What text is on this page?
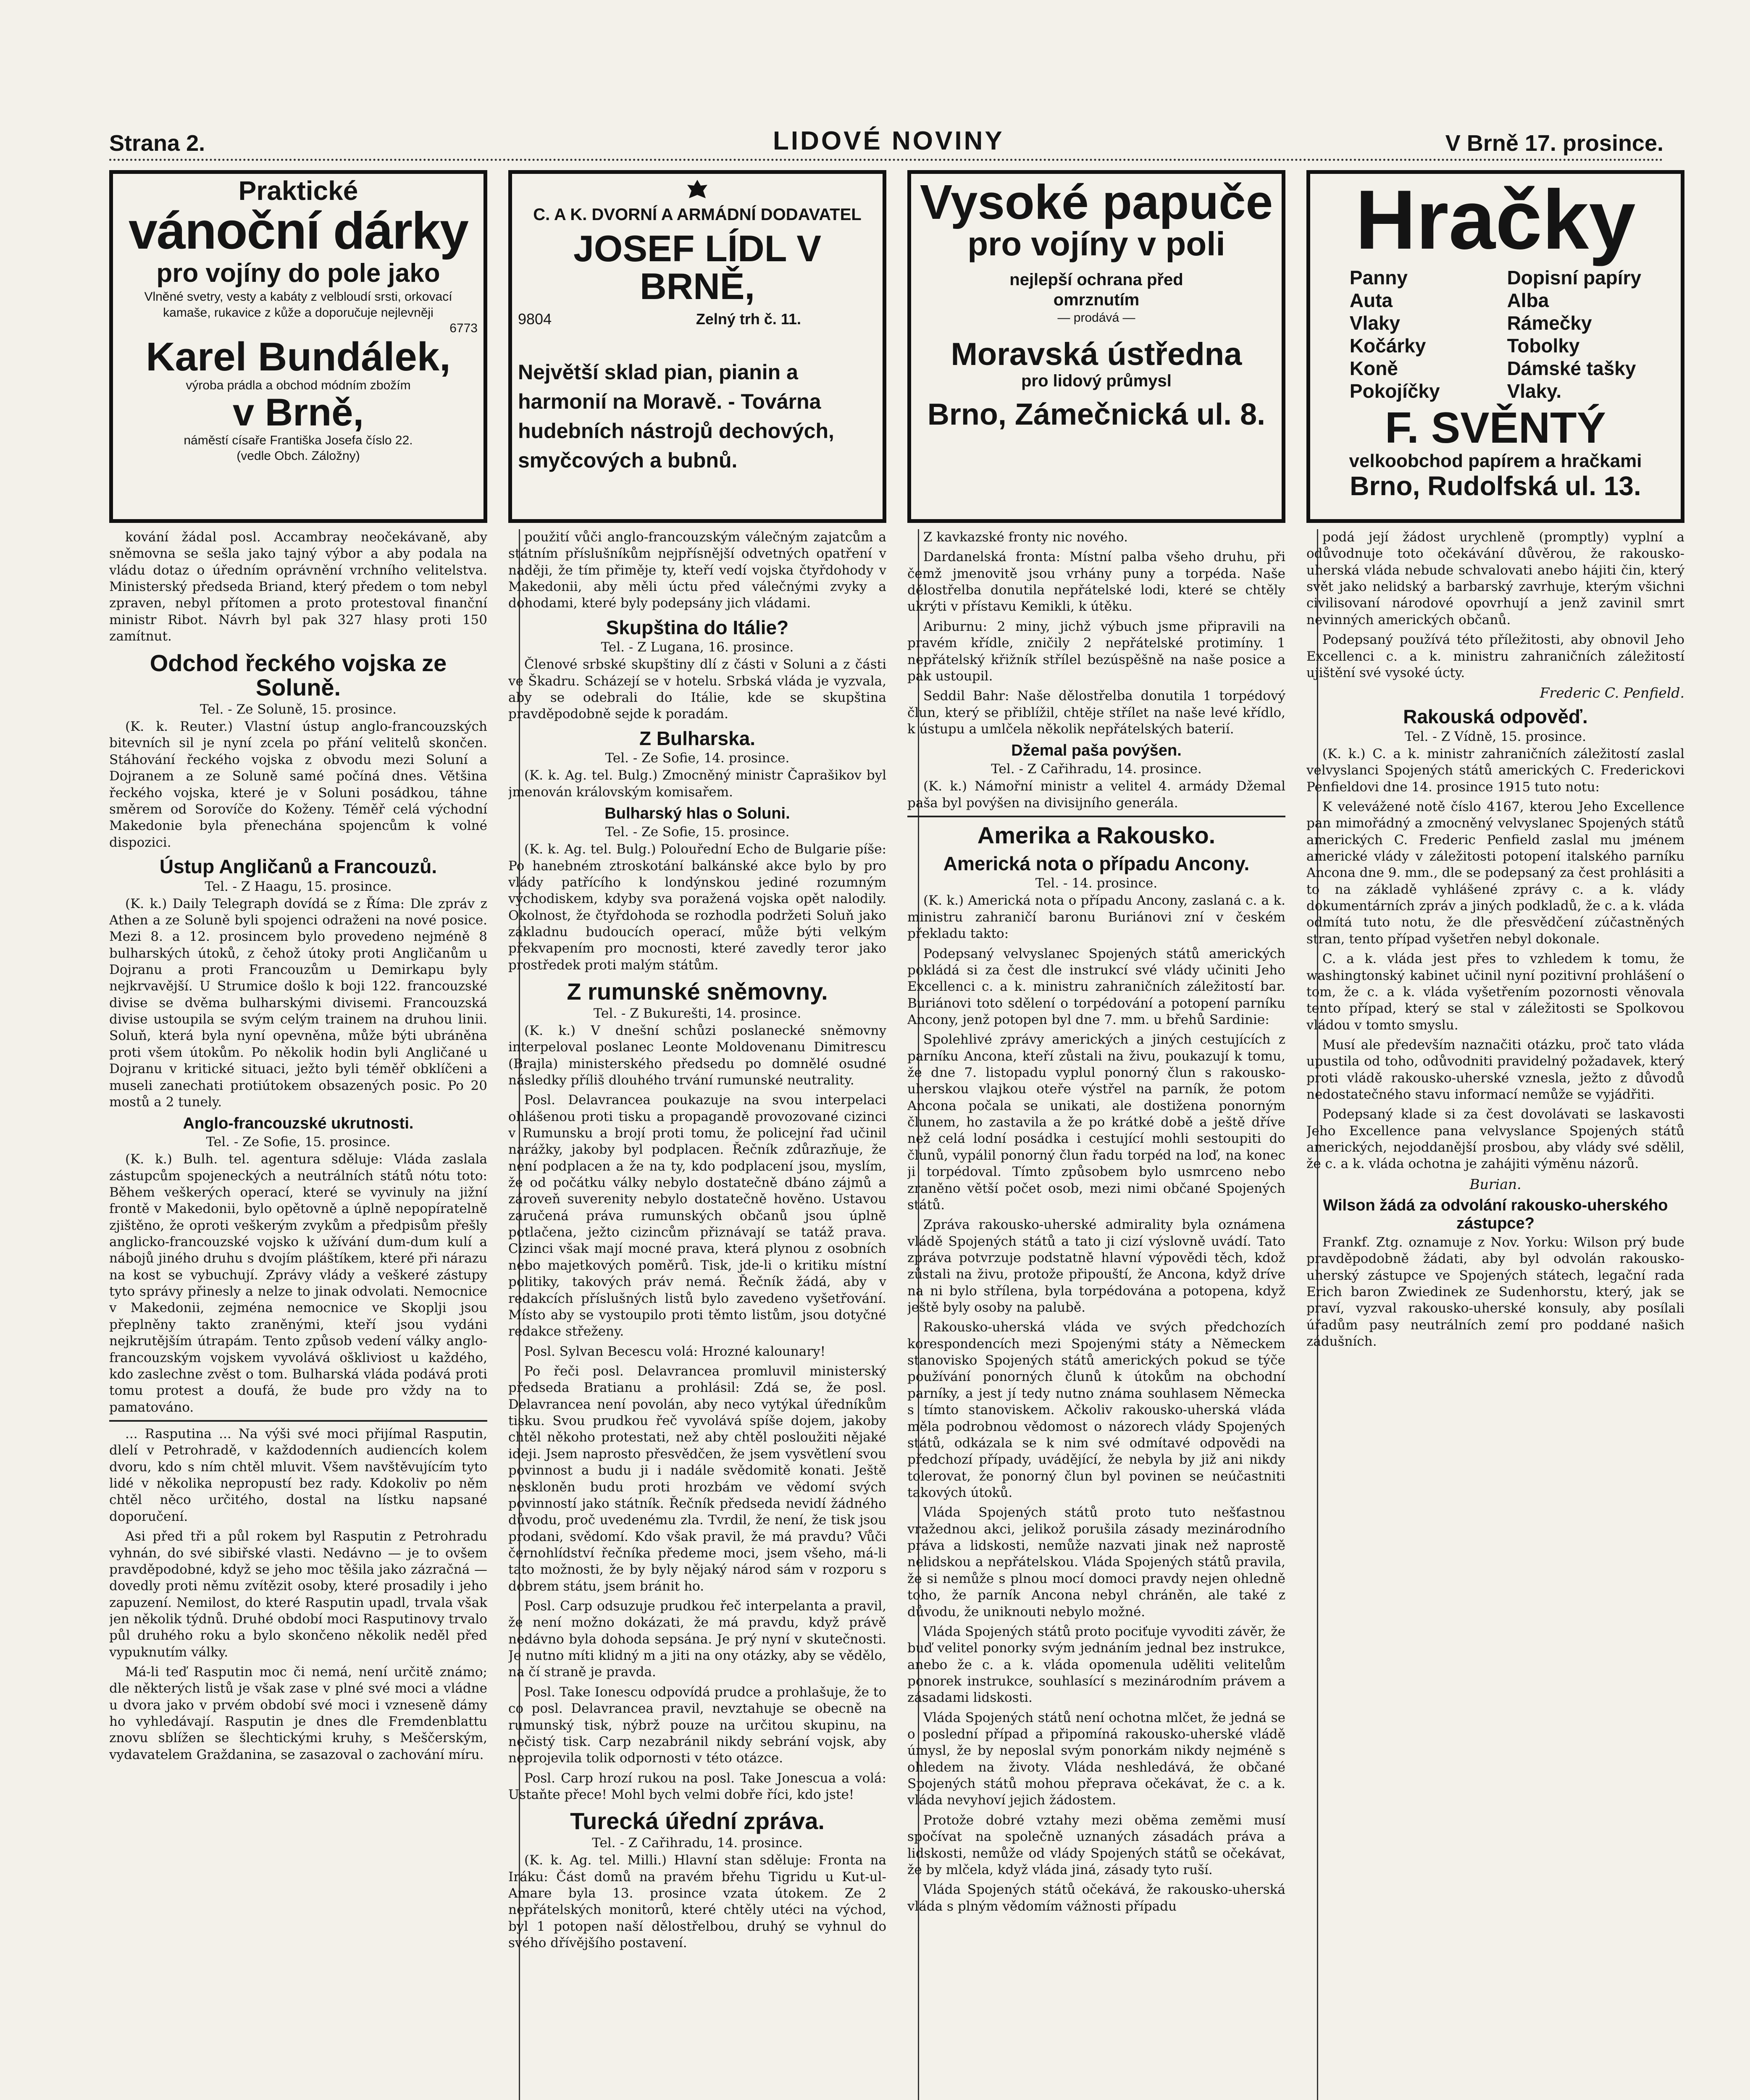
Strana 2.	LIDOVÉ NOVINY	V Brně 17. prosince.
Praktické
vánoční dárky
pro vojíny do pole jako
Vlněné svetry, vesty a kabáty z velbloudí srsti, orkovací kamaše, rukavice z kůže a doporučuje nejlevněji
6773
Karel Bundálek,
výroba prádla a obchod módním zbožím
v Brně,
náměstí císaře Františka Josefa číslo 22.
(vedle Obch. Záložny)
C. A K. DVORNÍ A ARMÁDNÍ DODAVATEL
JOSEF LÍDL V BRNĚ,
9804	Zelný trh č. 11.
Největší sklad pian, pianin a harmonií na Moravě. - Továrna hudebních nástrojů dechových, smyčcových a bubnů.
Vysoké papuče
pro vojíny v poli
nejlepší ochrana před omrznutím
— prodává —
Moravská ústředna
pro lidový průmysl
Brno, Zámečnická ul. 8.
Hračky
Panny
Auta
Vlaky
Kočárky
Koně
Pokojíčky
Dopisní papíry
Alba
Rámečky
Tobolky
Dámské tašky
Vlaky.
F. SVĚNTÝ
velkoobchod papírem a hračkami
Brno, Rudolfská ul. 13.

kování žádal posl. Accambray neočekávaně, aby sněmovna se sešla jako tajný výbor a aby podala na vládu dotaz o úředním oprávnění vrchního velitelstva. Ministerský předseda Briand, který předem o tom nebyl zpraven, nebyl přítomen a proto protestoval finanční ministr Ribot. Návrh byl pak 327 hlasy proti 150 zamítnut.

Odchod řeckého vojska ze Soluně.
Tel. - Ze Soluně, 15. prosince.

(K. k. Reuter.) Vlastní ústup anglo-francouzských bitevních sil je nyní zcela po přání velitelů skončen. Stáhování řeckého vojska z obvodu mezi Soluní a Dojranem a ze Soluně samé počíná dnes. Většina řeckého vojska, které je v Soluni posádkou, táhne směrem od Sorovíče do Koženy. Téměř celá východní Makedonie byla přenechána spojencům k volné dispozici.

Ústup Angličanů a Francouzů.
Tel. - Z Haagu, 15. prosince.

(K. k.) Daily Telegraph dovídá se z Říma: Dle zpráv z Athen a ze Soluně byli spojenci odraženi na nové posice. Mezi 8. a 12. prosincem bylo provedeno nejméně 8 bulharských útoků, z čehož útoky proti Angličanům u Dojranu a proti Francouzům u Demirkapu byly nejkrvavější. U Strumice došlo k boji 122. francouzské divise se dvěma bulharskými divisemi. Francouzská divise ustoupila se svým celým trainem na druhou linii. Soluň, která byla nyní opevněna, může býti ubráněna proti všem útokům. Po několik hodin byli Angličané u Dojranu v kritické situaci, ježto byli téměř obklíčeni a museli zanechati protiútokem obsazených posic. Po 20 mostů a 2 tunely.

Anglo-francouzské ukrutnosti.
Tel. - Ze Sofie, 15. prosince.

(K. k.) Bulh. tel. agentura sděluje: Vláda zaslala zástupcům spojeneckých a neutrálních států nótu toto: Během veškerých operací, které se vyvinuly na jižní frontě v Makedonii, bylo opětovně a úplně nepopíratelně zjištěno, že oproti veškerým zvykům a předpisům přešly anglicko-francouzské vojsko k užívání dum-dum kulí a nábojů jiného druhu s dvojím pláštíkem, které při nárazu na kost se vybuchují. Zprávy vlády a veškeré zástupy tyto správy přinesly a nelze to jinak odvolati. Nemocnice v Makedonii, zejména nemocnice ve Skoplji jsou přeplněny takto zraněnými, kteří jsou vydáni nejkrutějším útrapám. Tento způsob vedení války anglo-francouzským vojskem vyvolává oškliviost u každého, kdo zaslechne zvěst o tom. Bulharská vláda podává proti tomu protest a doufá, že bude pro vždy na to pamatováno.

... Rasputina ... Na výši své moci přijímal Rasputin, dlelí v Petrohradě, v každodenních audiencích kolem dvoru, kdo s ním chtěl mluvit. Všem navštěvujícím tyto lidé v několika nepropustí bez rady. Kdokoliv po něm chtěl něco určitého, dostal na lístku napsané doporučení.

Asi před tři a půl rokem byl Rasputin z Petrohradu vyhnán, do své sibiřské vlasti. Nedávno — je to ovšem pravděpodobné, když se jeho moc těšila jako zázračná — dovedly proti němu zvítězit osoby, které prosadily i jeho zapuzení. Nemilost, do které Rasputin upadl, trvala však jen několik týdnů. Druhé období moci Rasputinovy trvalo půl druhého roku a bylo skončeno několik neděl před vypuknutím války.

Má-li teď Rasputin moc či nemá, není určitě známo; dle některých listů je však zase v plné své moci a vládne u dvora jako v prvém období své moci i vzneseně dámy ho vyhledávají. Rasputin je dnes dle Fremdenblattu znovu sblížen se šlechtickými kruhy, s Meščerským, vydavatelem Graždanina, se zasazoval o zachování míru.

použití vůči anglo-francouzským válečným zajatcům a státním příslušníkům nejpřísnější odvetných opatření v naději, že tím přiměje ty, kteří vedí vojska čtyřdohody v Makedonii, aby měli úctu před válečnými zvyky a dohodami, které byly podepsány jich vládami.

Skupština do Itálie?
Tel. - Z Lugana, 16. prosince.

Členové srbské skupštiny dlí z části v Soluni a z části ve Škadru. Scházejí se v hotelu. Srbská vláda je vyzvala, aby se odebrali do Itálie, kde se skupština pravděpodobně sejde k poradám.

Z Bulharska.
Tel. - Ze Sofie, 14. prosince.

(K. k. Ag. tel. Bulg.) Zmocněný ministr Čaprašikov byl jmenován královským komisařem.

Bulharský hlas o Soluni.
Tel. - Ze Sofie, 15. prosince.

(K. k. Ag. tel. Bulg.) Polouřední Echo de Bulgarie píše: Po hanebném ztroskotání balkánské akce bylo by pro vlády patřícího k londýnskou jediné rozumným východiskem, kdyby sva poražená vojska opět nalodily. Okolnost, že čtyřdohoda se rozhodla podržeti Soluň jako základnu budoucích operací, může býti velkým překvapením pro mocnosti, které zavedly teror jako prostředek proti malým státům.

Z rumunské sněmovny.
Tel. - Z Bukurešti, 14. prosince.

(K. k.) V dnešní schůzi poslanecké sněmovny interpeloval poslanec Leonte Moldovenanu Dimitrescu (Brajla) ministerského předsedu po domnělé osudné následky příliš dlouhého trvání rumunské neutrality.

Posl. Delavrancea poukazuje na svou interpelaci ohlášenou proti tisku a propagandě provozované cizinci v Rumunsku a brojí proti tomu, že policejní řad učinil narážky, jakoby byl podplacen. Řečník zdůrazňuje, že není podplacen a že na ty, kdo podplacení jsou, myslím, že od počátku války nebylo dostatečně dbáno zájmů a zároveň suverenity nebylo dostatečně hověno. Ustavou zaručená práva rumunských občanů jsou úplně potlačena, ježto cizincům přiznávají se tatáž prava. Cizinci však mají mocné prava, která plynou z osobních nebo majetkových poměrů. Tisk, jde-li o kritiku místní politiky, takových práv nemá. Řečník žádá, aby v redakcích příslušných listů bylo zavedeno vyšetřování. Místo aby se vystoupilo proti těmto listům, jsou dotyčné redakce střeženy.

Posl. Sylvan Becescu volá: Hrozné kalounary!

Po řeči posl. Delavrancea promluvil ministerský předseda Bratianu a prohlásil: Zdá se, že posl. Delavrancea není povolán, aby neco vytýkal úředníkům tisku. Svou prudkou řeč vyvolává spíše dojem, jakoby chtěl někoho protestati, než aby chtěl posloužiti nějaké ideji. Jsem naprosto přesvědčen, že jsem vysvětlení svou povinnost a budu ji i nadále svědomitě konati. Ještě neskloněn budu proti hrozbám ve vědomí svých povinností jako státník. Řečník předseda nevidí žádného důvodu, proč uvedenému zla. Tvrdil, že není, že tisk jsou prodani, svědomí. Kdo však pravil, že má pravdu? Vůči černohlídství řečníka předeme moci, jsem všeho, má-li tato možnosti, že by byly nějaký národ sám v rozporu s dobrem státu, jsem bránit ho.

Posl. Carp odsuzuje prudkou řeč interpelanta a pravil, že není možno dokázati, že má pravdu, když právě nedávno byla dohoda sepsána. Je prý nyní v skutečnosti. Je nutno míti klidný m a jiti na ony otázky, aby se vědělo, na čí straně je pravda.

Posl. Take Ionescu odpovídá prudce a prohlašuje, že to co posl. Delavrancea pravil, nevztahuje se obecně na rumunský tisk, nýbrž pouze na určitou skupinu, na nečistý tisk. Carp nezabránil nikdy sebrání vojsk, aby neprojevila tolik odpornosti v této otázce.

Posl. Carp hrozí rukou na posl. Take Jonescua a volá: Ustaňte přece! Mohl bych velmi dobře říci, kdo jste!

Turecká úřední zpráva.
Tel. - Z Cařihradu, 14. prosince.

(K. k. Ag. tel. Milli.) Hlavní stan sděluje: Fronta na Iráku: Část domů na pravém břehu Tigridu u Kut-ul-Amare byla 13. prosince vzata útokem. Ze 2 nepřátelských monitorů, které chtěly utéci na východ, byl 1 potopen naší dělostřelbou, druhý se vyhnul do svého dřívějšího postavení.

Z kavkazské fronty nic nového.

Dardanelská fronta: Místní palba všeho druhu, při čemž jmenovitě jsou vrhány puny a torpéda. Naše dělostřelba donutila nepřátelské lodi, které se chtěly ukrýti v přístavu Kemikli, k útěku.

Ariburnu: 2 miny, jichž výbuch jsme připravili na pravém křídle, zničily 2 nepřátelské protimíny. 1 nepřátelský křižník střílel bezúspěšně na naše posice a pak ustoupil.

Seddil Bahr: Naše dělostřelba donutila 1 torpédový člun, který se přiblížil, chtěje střílet na naše levé křídlo, k ústupu a umlčela několik nepřátelských baterií.

Džemal paša povýšen.
Tel. - Z Cařihradu, 14. prosince.

(K. k.) Námořní ministr a velitel 4. armády Džemal paša byl povýšen na divisijního generála.

Amerika a Rakousko.
Americká nota o případu Ancony.
Tel. - 14. prosince.

(K. k.) Americká nota o případu Ancony, zaslaná c. a k. ministru zahraničí baronu Buriánovi zní v českém překladu takto:

Podepsaný velvyslanec Spojených států amerických pokládá si za čest dle instrukcí své vlády učiniti Jeho Excellenci c. a k. ministru zahraničních záležitostí bar. Buriánovi toto sdělení o torpédování a potopení parníku Ancony, jenž potopen byl dne 7. mm. u břehů Sardinie:

Spolehlivé zprávy amerických a jiných cestujících z parníku Ancona, kteří zůstali na živu, poukazují k tomu, že dne 7. listopadu vyplul ponorný člun s rakousko-uherskou vlajkou oteře výstřel na parník, že potom Ancona počala se unikati, ale dostižena ponorným člunem, ho zastavila a že po krátké době a ještě dříve než celá lodní posádka i cestující mohli sestoupiti do člunů, vypálil ponorný člun řadu torpéd na loď, na konec ji torpédoval. Tímto způsobem bylo usmrceno nebo zraněno větší počet osob, mezi nimi občané Spojených států.

Zpráva rakousko-uherské admirality byla oznámena vládě Spojených států a tato ji cizí výslovně uvádí. Tato zpráva potvrzuje podstatně hlavní výpovědi těch, kdož zůstali na živu, protože připouští, že Ancona, když dríve na ni bylo střílena, byla torpédována a potopena, když ještě byly osoby na palubě.

Rakousko-uherská vláda ve svých předchozích korespondencích mezi Spojenými státy a Německem stanovisko Spojených států amerických pokud se týče používání ponorných člunů k útokům na obchodní parníky, a jest jí tedy nutno známa souhlasem Německa s tímto stanoviskem. Ačkoliv rakousko-uherská vláda měla podrobnou vědomost o názorech vlády Spojených států, odkázala se k nim své odmítavé odpovědi na předchozí případy, uvádějící, že nebyla by již ani nikdy tolerovat, že ponorný člun byl povinen se neúčastniti takových útoků.

Vláda Spojených států proto tuto nešťastnou vražednou akci, jelikož porušila zásady mezinárodního práva a lidskosti, nemůže nazvati jinak než naprostě nelidskou a nepřátelskou. Vláda Spojených států pravila, že si nemůže s plnou mocí domoci pravdy nejen ohledně toho, že parník Ancona nebyl chráněn, ale také z důvodu, že uniknouti nebylo možné.

Vláda Spojených států proto pociťuje vyvoditi závěr, že buď velitel ponorky svým jednáním jednal bez instrukce, anebo že c. a k. vláda opomenula uděliti velitelům ponorek instrukce, souhlasící s mezinárodním právem a zásadami lidskosti.

Vláda Spojených států není ochotna mlčet, že jedná se o poslední případ a připomíná rakousko-uherské vládě úmysl, že by neposlal svým ponorkám nikdy nejméně s ohledem na životy. Vláda neshledává, že občané Spojených států mohou přeprava očekávat, že c. a k. vláda nevyhoví jejich žádostem.

Protože dobré vztahy mezi oběma zeměmi musí spočívat na společně uznaných zásadách práva a lidskosti, nemůže od vlády Spojených států se očekávat, že by mlčela, když vláda jiná, zásady tyto ruší.

Vláda Spojených států očekává, že rakousko-uherská vláda s plným vědomím vážnosti případu

podá její žádost urychleně (promptly) vyplní a odůvodnuje toto očekávání důvěrou, že rakousko-uherská vláda nebude schvalovati anebo hájiti čin, který svět jako nelidský a barbarský zavrhuje, kterým všichni civilisovaní národové opovrhují a jenž zavinil smrt nevinných amerických občanů.

Podepsaný používá této příležitosti, aby obnovil Jeho Excellenci c. a k. ministru zahraničních záležitostí ujištění své vysoké úcty.

Frederic C. Penfield.
Rakouská odpověď.
Tel. - Z Vídně, 15. prosince.

(K. k.) C. a k. ministr zahraničních záležitostí zaslal velvyslanci Spojených států amerických C. Frederickovi Penfieldovi dne 14. prosince 1915 tuto notu:

K velevážené notě číslo 4167, kterou Jeho Excellence pan mimořádný a zmocněný velvyslanec Spojených států amerických C. Frederic Penfield zaslal mu jménem americké vlády v záležitosti potopení italského parníku Ancona dne 9. mm., dle se podepsaný za čest prohlásiti a to na základě vyhlášené zprávy c. a k. vlády dokumentárních zpráv a jiných podkladů, že c. a k. vláda odmítá tuto notu, že dle přesvědčení zúčastněných stran, tento případ vyšetřen nebyl dokonale.

C. a k. vláda jest přes to vzhledem k tomu, že washingtonský kabinet učinil nyní pozitivní prohlášení o tom, že c. a k. vláda vyšetřením pozornosti věnovala tento případ, který se stal v záležitosti se Spolkovou vládou v tomto smyslu.

Musí ale především naznačiti otázku, proč tato vláda upustila od toho, odůvodniti pravidelný požadavek, který proti vládě rakousko-uherské vznesla, ježto z důvodů nedostatečného stavu informací nemůže se vyjádřiti.

Podepsaný klade si za čest dovolávati se laskavosti Jeho Excellence pana velvyslance Spojených států amerických, nejoddanější prosbou, aby vlády své sdělil, že c. a k. vláda ochotna je zahájiti výměnu názorů.

Burian.
Wilson žádá za odvolání rakousko-uherského zástupce?

Frankf. Ztg. oznamuje z Nov. Yorku: Wilson prý bude pravděpodobně žádati, aby byl odvolán rakousko-uherský zástupce ve Spojených státech, legační rada Erich baron Zwiedinek ze Sudenhorstu, který, jak se praví, vyzval rakousko-uherské konsuly, aby posílali úřadům pasy neutrálních zemí pro poddané našich zádušních.
